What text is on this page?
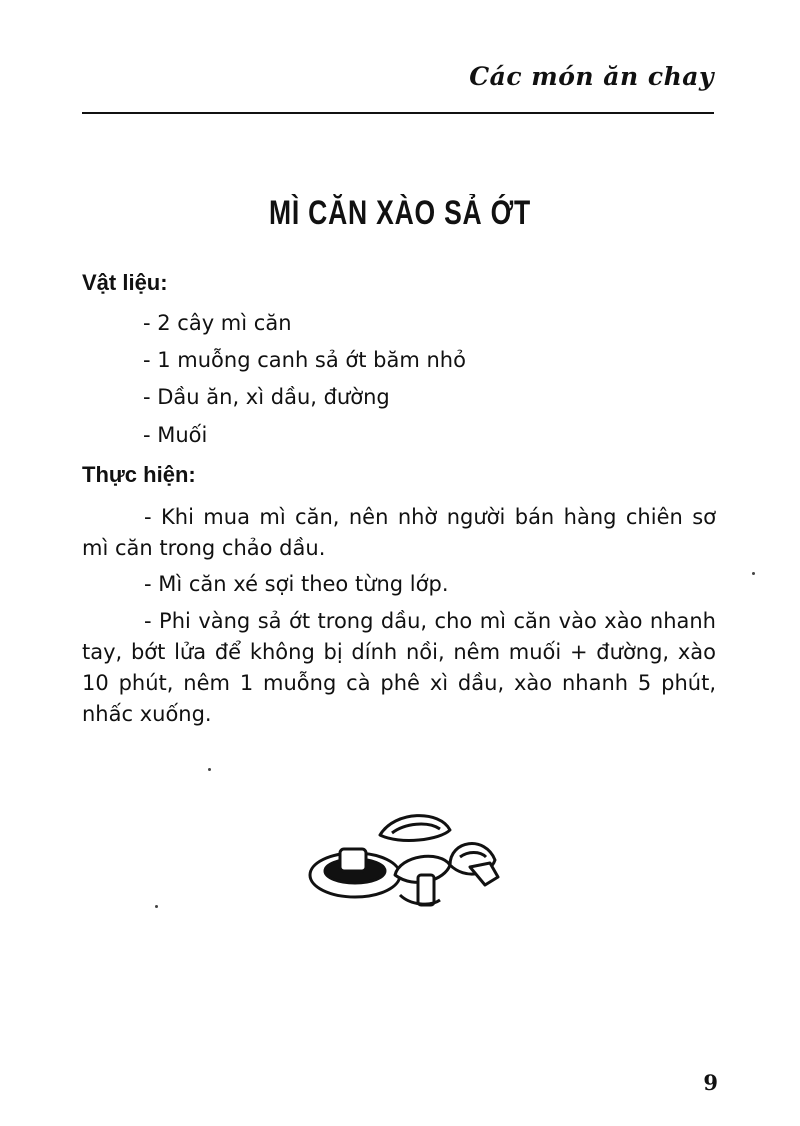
Các món ăn chay
MÌ CĂN XÀO SẢ ỚT
Vật liệu:
- 2 cây mì căn
- 1 muỗng canh sả ớt băm nhỏ
- Dầu ăn, xì dầu, đường
- Muối
Thực hiện:

- Khi mua mì căn, nên nhờ người bán hàng chiên sơ mì căn trong chảo dầu.

- Mì căn xé sợi theo từng lớp.

- Phi vàng sả ớt trong dầu, cho mì căn vào xào nhanh tay, bớt lửa để không bị dính nồi, nêm muối + đường, xào 10 phút, nêm 1 muỗng cà phê xì dầu, xào nhanh 5 phút, nhấc xuống.

9
